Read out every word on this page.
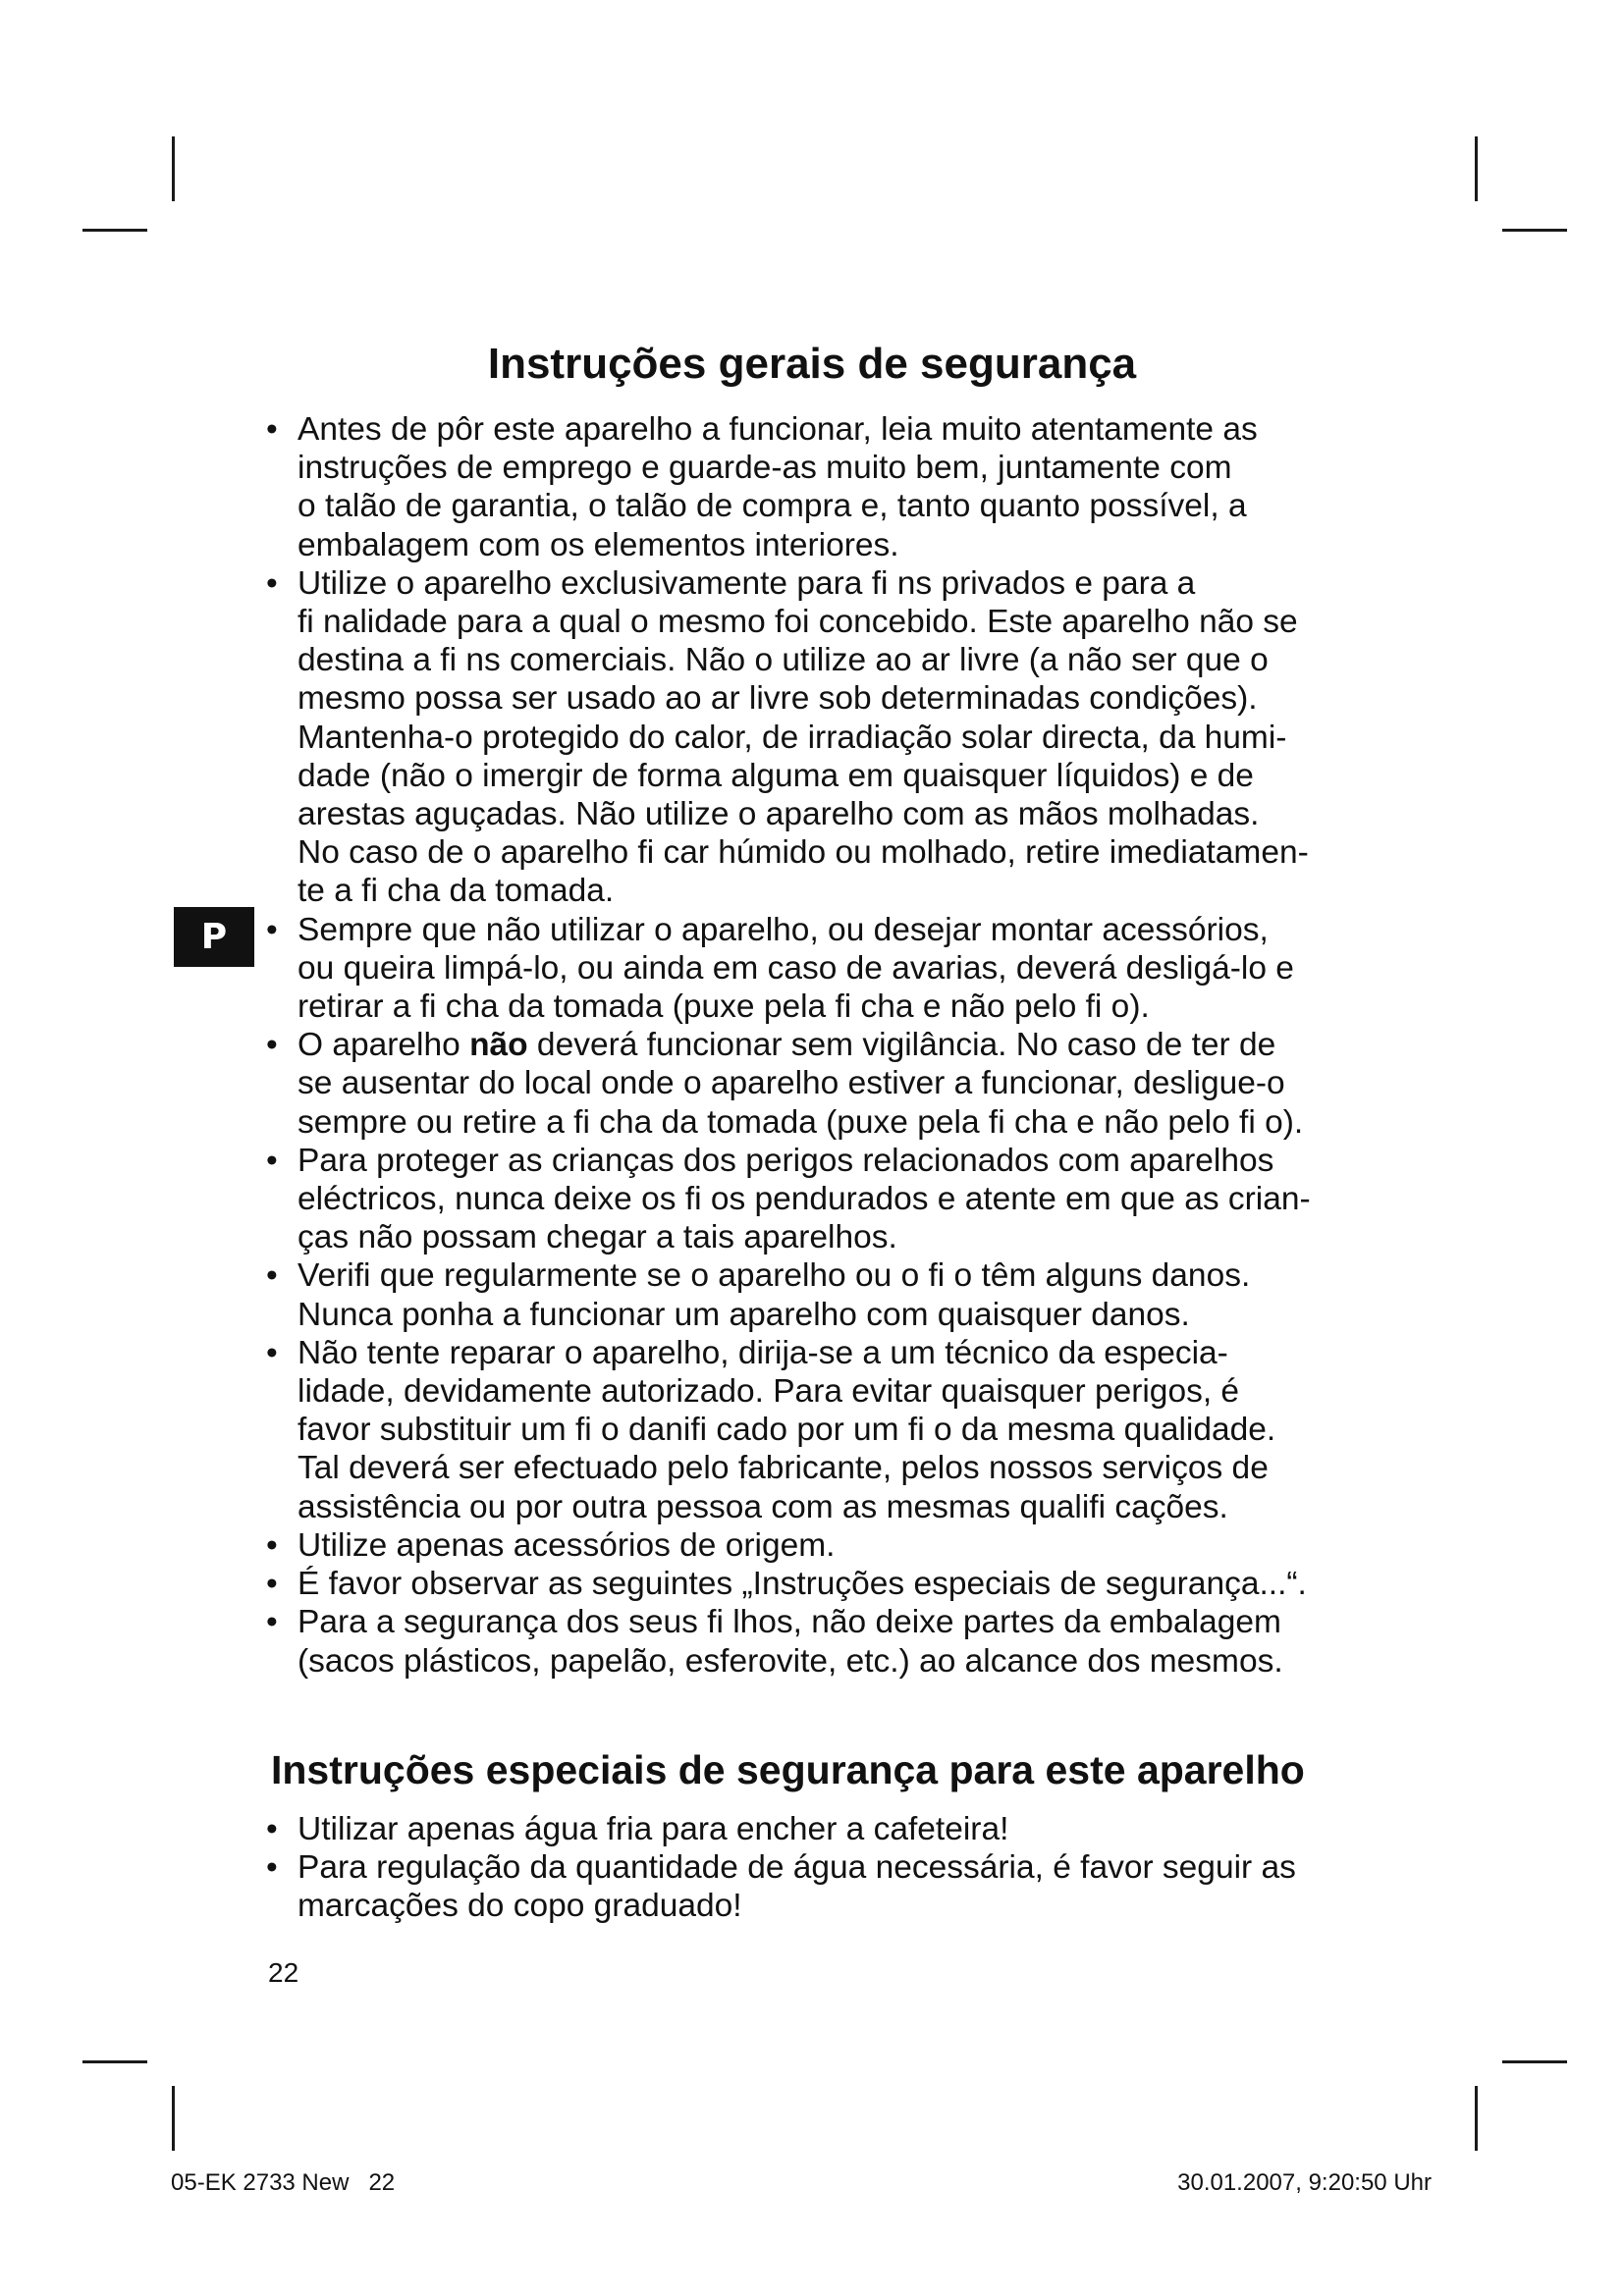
Instruções gerais de segurança
P
• Antes de pôr este aparelho a funcionar, leia muito atentamente as
instruções de emprego e guarde-as muito bem, juntamente com
o talão de garantia, o talão de compra e, tanto quanto possível, a
embalagem com os elementos interiores.
• Utilize o aparelho exclusivamente para fi ns privados e para a
fi nalidade para a qual o mesmo foi concebido. Este aparelho não se
destina a fi ns comerciais. Não o utilize ao ar livre (a não ser que o
mesmo possa ser usado ao ar livre sob determinadas condições).
Mantenha-o protegido do calor, de irradiação solar directa, da humi-
dade (não o imergir de forma alguma em quaisquer líquidos) e de
arestas aguçadas. Não utilize o aparelho com as mãos molhadas.
No caso de o aparelho fi car húmido ou molhado, retire imediatamen-
te a fi cha da tomada.
• Sempre que não utilizar o aparelho, ou desejar montar acessórios,
ou queira limpá-lo, ou ainda em caso de avarias, deverá desligá-lo e
retirar a fi cha da tomada (puxe pela fi cha e não pelo fi o).
• O aparelho não deverá funcionar sem vigilância. No caso de ter de
se ausentar do local onde o aparelho estiver a funcionar, desligue-o
sempre ou retire a fi cha da tomada (puxe pela fi cha e não pelo fi o).
• Para proteger as crianças dos perigos relacionados com aparelhos
eléctricos, nunca deixe os fi os pendurados e atente em que as crian-
ças não possam chegar a tais aparelhos.
• Verifi que regularmente se o aparelho ou o fi o têm alguns danos.
Nunca ponha a funcionar um aparelho com quaisquer danos.
• Não tente reparar o aparelho, dirija-se a um técnico da especia-
lidade, devidamente autorizado. Para evitar quaisquer perigos, é
favor substituir um fi o danifi cado por um fi o da mesma qualidade.
Tal deverá ser efectuado pelo fabricante, pelos nossos serviços de
assistência ou por outra pessoa com as mesmas qualifi cações.
• Utilize apenas acessórios de origem.
• É favor observar as seguintes „Instruções especiais de segurança...“.
• Para a segurança dos seus fi lhos, não deixe partes da embalagem
(sacos plásticos, papelão, esferovite, etc.) ao alcance dos mesmos.
Instruções especiais de segurança para este aparelho
• Utilizar apenas água fria para encher a cafeteira!
• Para regulação da quantidade de água necessária, é favor seguir as
marcações do copo graduado!
22
05-EK 2733 New   22	30.01.2007, 9:20:50 Uhr
